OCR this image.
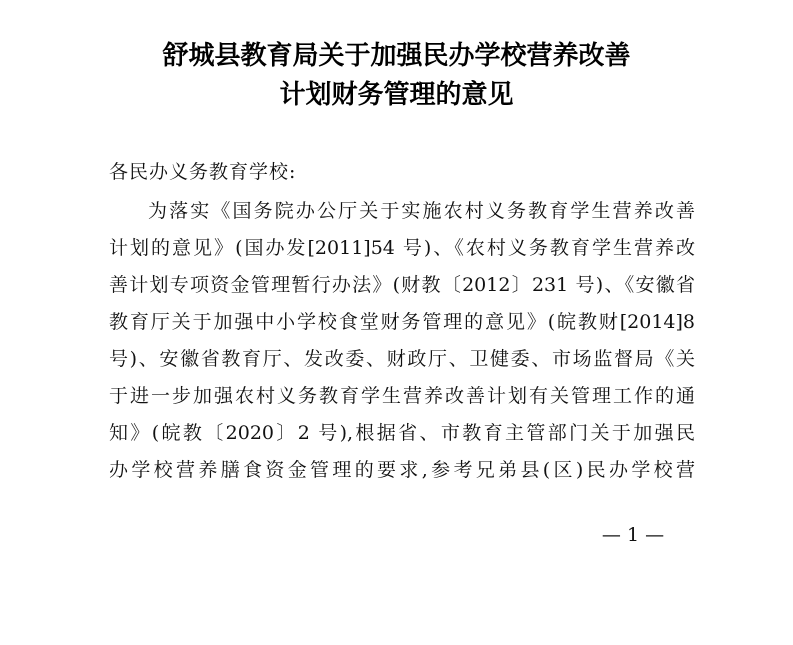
舒城县教育局关于加强民办学校营养改善
计划财务管理的意见
各民办义务教育学校:
为落实《国务院办公厅关于实施农村义务教育学生营养改善
计划的意见》(国办发[2011]54 号)、《农村义务教育学生营养改
善计划专项资金管理暂行办法》(财教〔2012〕231 号)、《安徽省
教育厅关于加强中小学校食堂财务管理的意见》(皖教财[2014]8
号)、安徽省教育厅、发改委、财政厅、卫健委、市场监督局《关
于进一步加强农村义务教育学生营养改善计划有关管理工作的通
知》(皖教〔2020〕2 号),根据省、市教育主管部门关于加强民
办学校营养膳食资金管理的要求,参考兄弟县(区)民办学校营
— 1 —
